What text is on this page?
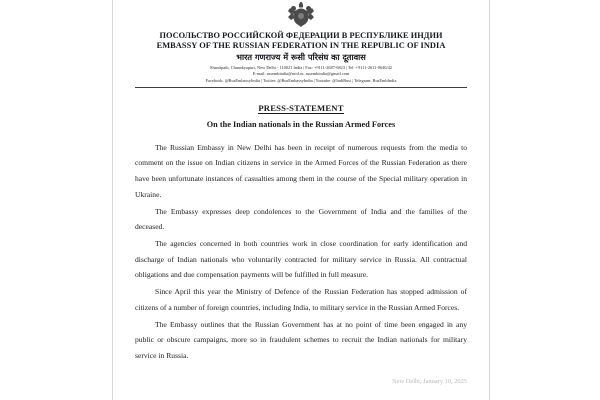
ПОСОЛЬСТВО РОССИЙСКОЙ ФЕДЕРАЦИИ В РЕСПУБЛИКЕ ИНДИИ
EMBASSY OF THE RUSSIAN FEDERATION IN THE REPUBLIC OF INDIA
भारत गणराज्य में रूसी परिसंघ का दूतावास
Shantipath, Chanakyapuri, New Delhi - 110021 India | Fax: +9111-2687-6823 | Tel: +9111-2611-0640/42
E-mail: rusembindia@mid.ru, rusembindia@gmail.com
Facebook: @RusEmbassyIndia | Twitter: @RusEmbassyIndia | Youtube: @IndiRusi | Telegram: RusEmbIndia
PRESS-STATEMENT
On the Indian nationals in the Russian Armed Forces

The Russian Embassy in New Delhi has been in receipt of numerous requests from the media to comment on the issue on Indian citizens in service in the Armed Forces of the Russian Federation as there have been unfortunate instances of casualties among them in the course of the Special military operation in Ukraine.

The Embassy expresses deep condolences to the Government of India and the families of the deceased.

The agencies concerned in both countries work in close coordination for early identification and discharge of Indian nationals who voluntarily contracted for military service in Russia. All contractual obligations and due compensation payments will be fulfilled in full measure.

Since April this year the Ministry of Defence of the Russian Federation has stopped admission of citizens of a number of foreign countries, including India, to military service in the Russian Armed Forces.

The Embassy outlines that the Russian Government has at no point of time been engaged in any public or obscure campaigns, more so in fraudulent schemes to recruit the Indian nationals for military service in Russia.

New Delhi, January 10, 2025
